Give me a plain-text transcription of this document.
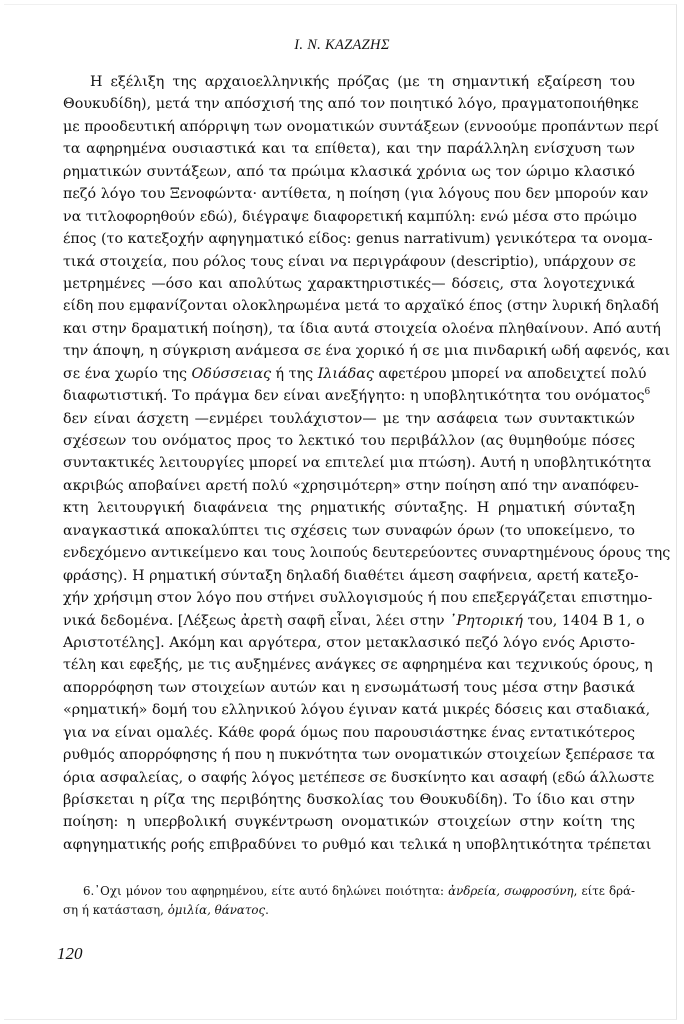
I. N. ΚΑΖΑΖΗΣ
Η εξέλιξη της αρχαιοελληνικής πρόζας (με τη σημαντική εξαίρεση του
Θουκυδίδη), μετά την απόσχισή της από τον ποιητικό λόγο, πραγματοποιήθηκε
με προοδευτική απόρριψη των ονοματικών συντάξεων (εννοούμε προπάντων περί
τα αφηρημένα ουσιαστικά και τα επίθετα), και την παράλληλη ενίσχυση των
ρηματικών συντάξεων, από τα πρώιμα κλασικά χρόνια ως τον ώριμο κλασικό
πεζό λόγο του Ξενοφώντα· αντίθετα, η ποίηση (για λόγους που δεν μπορούν καν
να τιτλοφορηθούν εδώ), διέγραψε διαφορετική καμπύλη: ενώ μέσα στο πρώιμο
έπος (το κατεξοχήν αφηγηματικό είδος: genus narrativum) γενικότερα τα ονομα-
τικά στοιχεία, που ρόλος τους είναι να περιγράφουν (descriptio), υπάρχουν σε
μετρημένες —όσο και απολύτως χαρακτηριστικές— δόσεις, στα λογοτεχνικά
είδη που εμφανίζονται ολοκληρωμένα μετά το αρχαϊκό έπος (στην λυρική δηλαδή
και στην δραματική ποίηση), τα ίδια αυτά στοιχεία ολοένα πληθαίνουν. Από αυτή
την άποψη, η σύγκριση ανάμεσα σε ένα χορικό ή σε μια πινδαρική ωδή αφενός, και
σε ένα χωρίο της Οδύσσειας ή της Ιλιάδας αφετέρου μπορεί να αποδειχτεί πολύ
διαφωτιστική. Το πράγμα δεν είναι ανεξήγητο: η υποβλητικότητα του ονόματος$^6$
δεν είναι άσχετη —ενμέρει τουλάχιστον— με την ασάφεια των συντακτικών
σχέσεων του ονόματος προς το λεκτικό του περιβάλλον (ας θυμηθούμε πόσες
συντακτικές λειτουργίες μπορεί να επιτελεί μια πτώση). Αυτή η υποβλητικότητα
ακριβώς αποβαίνει αρετή πολύ «χρησιμότερη» στην ποίηση από την αναπόφευ-
κτη λειτουργική διαφάνεια της ρηματικής σύνταξης. Η ρηματική σύνταξη
αναγκαστικά αποκαλύπτει τις σχέσεις των συναφών όρων (το υποκείμενο, το
ενδεχόμενο αντικείμενο και τους λοιπούς δευτερεύοντες συναρτημένους όρους της
φράσης). Η ρηματική σύνταξη δηλαδή διαθέτει άμεση σαφήνεια, αρετή κατεξο-
χήν χρήσιμη στον λόγο που στήνει συλλογισμούς ή που επεξεργάζεται επιστημο-
νικά δεδομένα. [Λέξεως ἀρετὴ σαφῆ εἶναι, λέει στην ᾿Ρητορική του, 1404 Β 1, ο
Αριστοτέλης]. Ακόμη και αργότερα, στον μετακλασικό πεζό λόγο ενός Αριστο-
τέλη και εφεξής, με τις αυξημένες ανάγκες σε αφηρημένα και τεχνικούς όρους, η
απορρόφηση των στοιχείων αυτών και η ενσωμάτωσή τους μέσα στην βασικά
«ρηματική» δομή του ελληνικού λόγου έγιναν κατά μικρές δόσεις και σταδιακά,
για να είναι ομαλές. Κάθε φορά όμως που παρουσιάστηκε ένας εντατικότερος
ρυθμός απορρόφησης ή που η πυκνότητα των ονοματικών στοιχείων ξεπέρασε τα
όρια ασφαλείας, ο σαφής λόγος μετέπεσε σε δυσκίνητο και ασαφή (εδώ άλλωστε
βρίσκεται η ρίζα της περιβόητης δυσκολίας του Θουκυδίδη). Το ίδιο και στην
ποίηση: η υπερβολική συγκέντρωση ονοματικών στοιχείων στην κοίτη της
αφηγηματικής ροής επιβραδύνει το ρυθμό και τελικά η υποβλητικότητα τρέπεται
6.᾿Οχι μόνον του αφηρημένου, είτε αυτό δηλώνει ποιότητα: ἀνδρεία, σωφροσύνη, είτε δρά-
ση ή κατάσταση, ὁμιλία, θάνατος.
120
